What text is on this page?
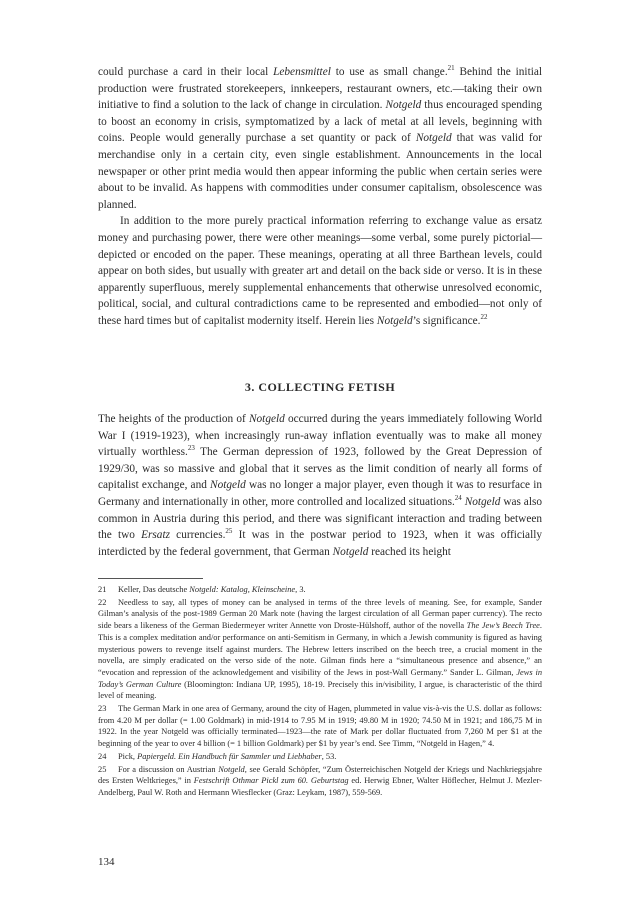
could purchase a card in their local Lebensmittel to use as small change.$^{21}$ Behind the initial production were frustrated storekeepers, innkeepers, restaurant owners, etc.—taking their own initiative to find a solution to the lack of change in circulation. Notgeld thus encouraged spending to boost an economy in crisis, symptomatized by a lack of metal at all levels, beginning with coins. People would generally purchase a set quantity or pack of Notgeld that was valid for merchandise only in a certain city, even single establishment. Announcements in the local newspaper or other print media would then appear informing the public when certain series were about to be invalid. As happens with commodities under consumer capitalism, obsolescence was planned.

In addition to the more purely practical information referring to exchange value as ersatz money and purchasing power, there were other meanings—some verbal, some purely pictorial—depicted or encoded on the paper. These meanings, operating at all three Barthean levels, could appear on both sides, but usually with greater art and detail on the back side or verso. It is in these apparently superfluous, merely supplemental enhancements that otherwise unresolved economic, political, social, and cultural contradictions came to be represented and embodied—not only of these hard times but of capitalist modernity itself. Herein lies Notgeld’s significance.$^{22}$

3. COLLECTING FETISH

The heights of the production of Notgeld occurred during the years immediately following World War I (1919-1923), when increasingly run-away inflation eventually was to make all money virtually worthless.$^{23}$ The German depression of 1923, followed by the Great Depression of 1929/30, was so massive and global that it serves as the limit condition of nearly all forms of capitalist exchange, and Notgeld was no longer a major player, even though it was to resurface in Germany and internationally in other, more controlled and localized situations.$^{24}$ Notgeld was also common in Austria during this period, and there was significant interaction and trading between the two Ersatz currencies.$^{25}$ It was in the postwar period to 1923, when it was officially interdicted by the federal government, that German Notgeld reached its height

21 Keller, Das deutsche Notgeld: Katalog, Kleinscheine, 3.

22 Needless to say, all types of money can be analysed in terms of the three levels of meaning. See, for example, Sander Gilman’s analysis of the post-1989 German 20 Mark note (having the largest circulation of all German paper currency). The recto side bears a likeness of the German Biedermeyer writer Annette von Droste-Hülshoff, author of the novella The Jew’s Beech Tree. This is a complex meditation and/or performance on anti-Semitism in Germany, in which a Jewish community is figured as having mysterious powers to revenge itself against murders. The Hebrew letters inscribed on the beech tree, a crucial moment in the novella, are simply eradicated on the verso side of the note. Gilman finds here a “simultaneous presence and absence,” an “evocation and repression of the acknowledgement and visibility of the Jews in post-Wall Germany.” Sander L. Gilman, Jews in Today’s German Culture (Bloomington: Indiana UP, 1995), 18-19. Precisely this in/visibility, I argue, is characteristic of the third level of meaning.

23 The German Mark in one area of Germany, around the city of Hagen, plummeted in value vis-à-vis the U.S. dollar as follows: from 4.20 M per dollar (= 1.00 Goldmark) in mid-1914 to 7.95 M in 1919; 49.80 M in 1920; 74.50 M in 1921; and 186,75 M in 1922. In the year Notgeld was officially terminated—1923—the rate of Mark per dollar fluctuated from 7,260 M per $1 at the beginning of the year to over 4 billion (= 1 billion Goldmark) per $1 by year’s end. See Timm, “Notgeld in Hagen,” 4.

24 Pick, Papiergeld. Ein Handbuch für Sammler und Liebhaber, 53.

25 For a discussion on Austrian Notgeld, see Gerald Schöpfer, “Zum Österreichischen Notgeld der Kriegs und Nachkriegsjahre des Ersten Weltkrieges,” in Festschrift Othmar Pickl zum 60. Geburtstag ed. Herwig Ebner, Walter Höflecher, Helmut J. Mezler-Andelberg, Paul W. Roth and Hermann Wiesflecker (Graz: Leykam, 1987), 559-569.

134
